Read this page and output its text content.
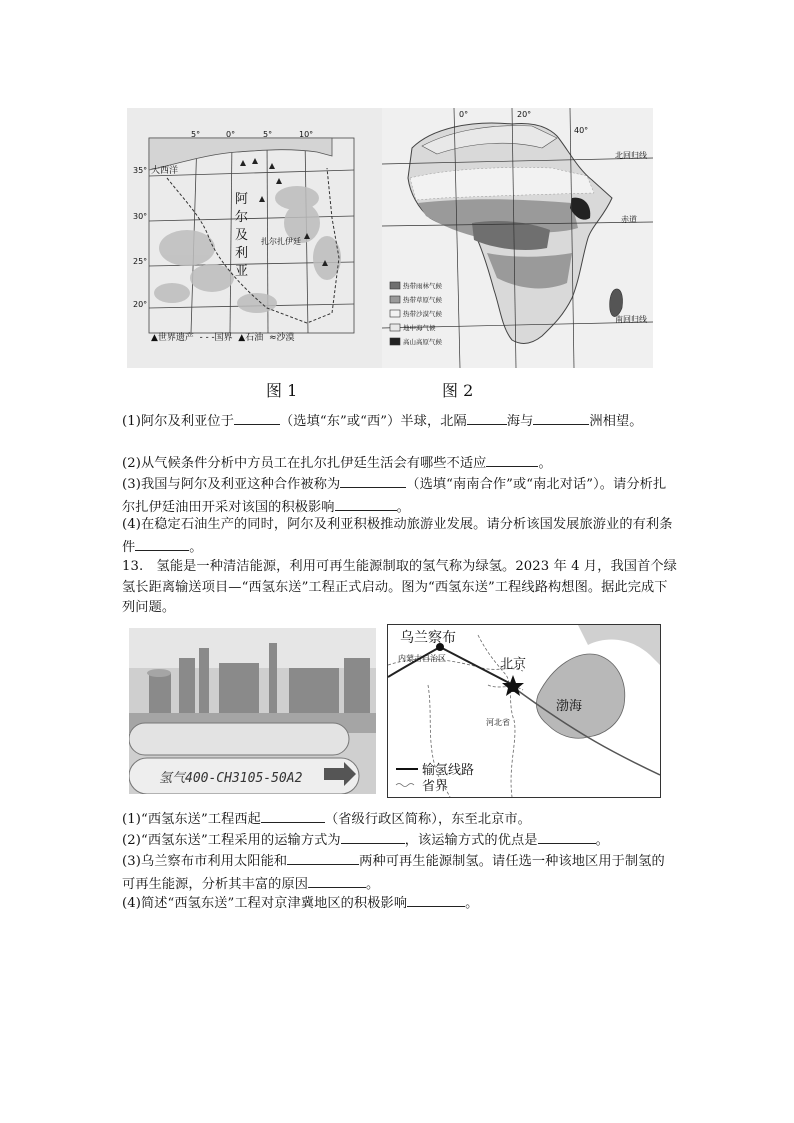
35°
30°
25°
20°
5°	0°	5°	10°
大西洋
阿
尔
及
利
亚
扎尔扎伊廷
▲世界遗产  - - -国界  ▲石油  ≈沙漠
0°	20°
40°
北回归线
赤道
南回归线
热带雨林气候
热带草原气候
热带沙漠气候
地中海气候
高山高原气候
图 1	图 2
(1)阿尔及利亚位于	（选填“东”或“西”）半球，北隔	海与	洲相望。
(2)从气候条件分析中方员工在扎尔扎伊廷生活会有哪些不适应	。
(3)我国与阿尔及利亚这种合作被称为	（选填“南南合作”或“南北对话”）。请分析扎尔扎伊廷油田开采对该国的积极影响	。
(4)在稳定石油生产的同时，阿尔及利亚积极推动旅游业发展。请分析该国发展旅游业的有利条件	。
13.　氢能是一种清洁能源，利用可再生能源制取的氢气称为绿氢。2023 年 4 月，我国首个绿氢长距离输送项目—“西氢东送”工程正式启动。图为“西氢东送”工程线路构想图。据此完成下列问题。
氢气400-CH3105-50A2
乌兰察布
内蒙古自治区	北京
河北省
渤海
输氢线路
省界
(1)“西氢东送”工程西起	（省级行政区简称），东至北京市。
(2)“西氢东送”工程采用的运输方式为	，该运输方式的优点是	。
(3)乌兰察布市利用太阳能和	两种可再生能源制氢。请任选一种该地区用于制氢的可再生能源，分析其丰富的原因	。
(4)简述“西氢东送”工程对京津冀地区的积极影响	。
